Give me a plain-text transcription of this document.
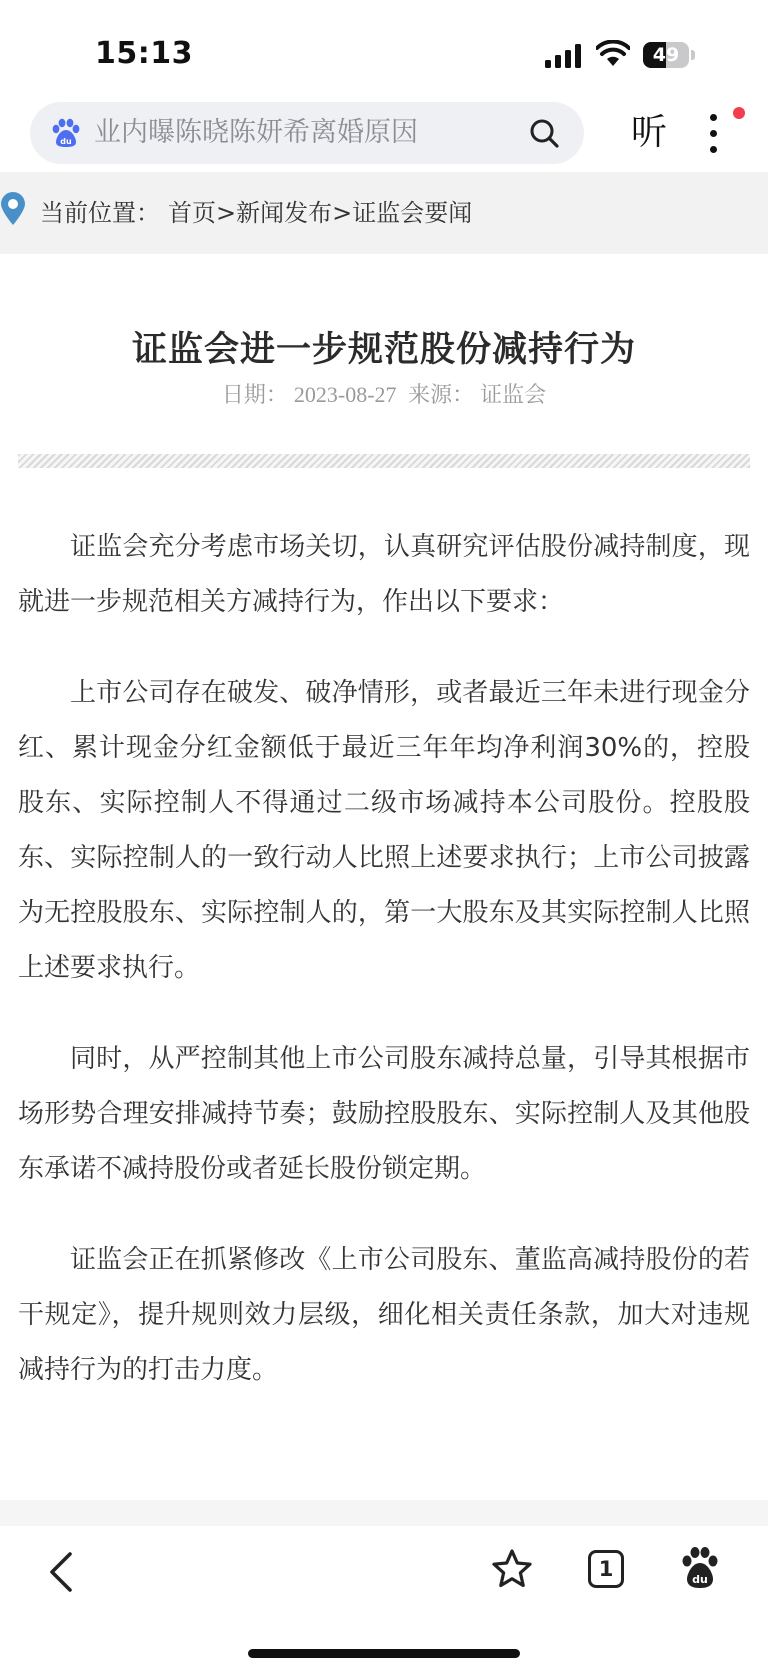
15:13	49
du 业内曝陈晓陈妍希离婚原因	听
当前位置： 首页>新闻发布>证监会要闻
证监会进一步规范股份减持行为
日期： 2023-08-27 来源： 证监会

证监会充分考虑市场关切，认真研究评估股份减持制度，现就进一步规范相关方减持行为，作出以下要求：

上市公司存在破发、破净情形，或者最近三年未进行现金分红、累计现金分红金额低于最近三年年均净利润30%的，控股股东、实际控制人不得通过二级市场减持本公司股份。控股股东、实际控制人的一致行动人比照上述要求执行；上市公司披露为无控股股东、实际控制人的，第一大股东及其实际控制人比照上述要求执行。

同时，从严控制其他上市公司股东减持总量，引导其根据市场形势合理安排减持节奏；鼓励控股股东、实际控制人及其他股东承诺不减持股份或者延长股份锁定期。

证监会正在抓紧修改《上市公司股东、董监高减持股份的若干规定》，提升规则效力层级，细化相关责任条款，加大对违规减持行为的打击力度。

1	du
